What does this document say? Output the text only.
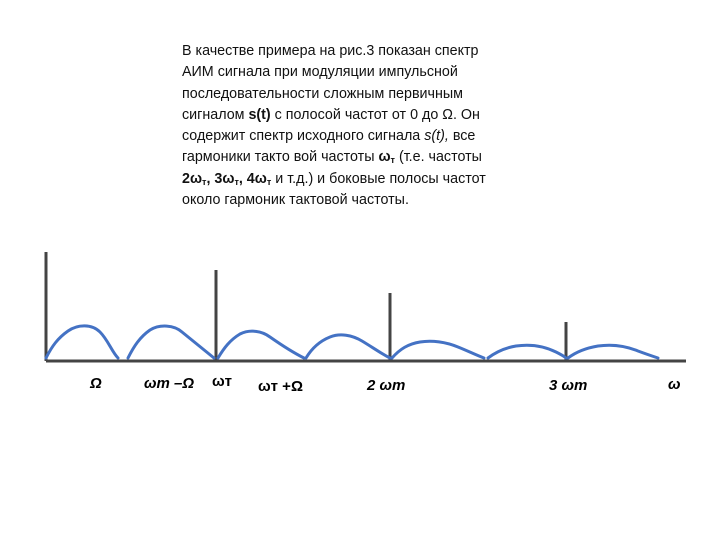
В качестве примера на рис.3 показан спектр
АИМ сигнала при модуляции импульсной
последовательности сложным первичным
сигналом s(t) с полосой частот от 0 до Ω. Он
содержит спектр исходного сигнала s(t), все
гармоники такто вой частоты $\omega_т$ (т.е. частоты
$2\omega_т$, $3\omega_т$, $4\omega_т$ и т.д.) и боковые полосы частот
около гармоник тактовой частоты.

Ω	ωт –Ω ωт ωт +Ω	2 ωт	3 ωт	ω
